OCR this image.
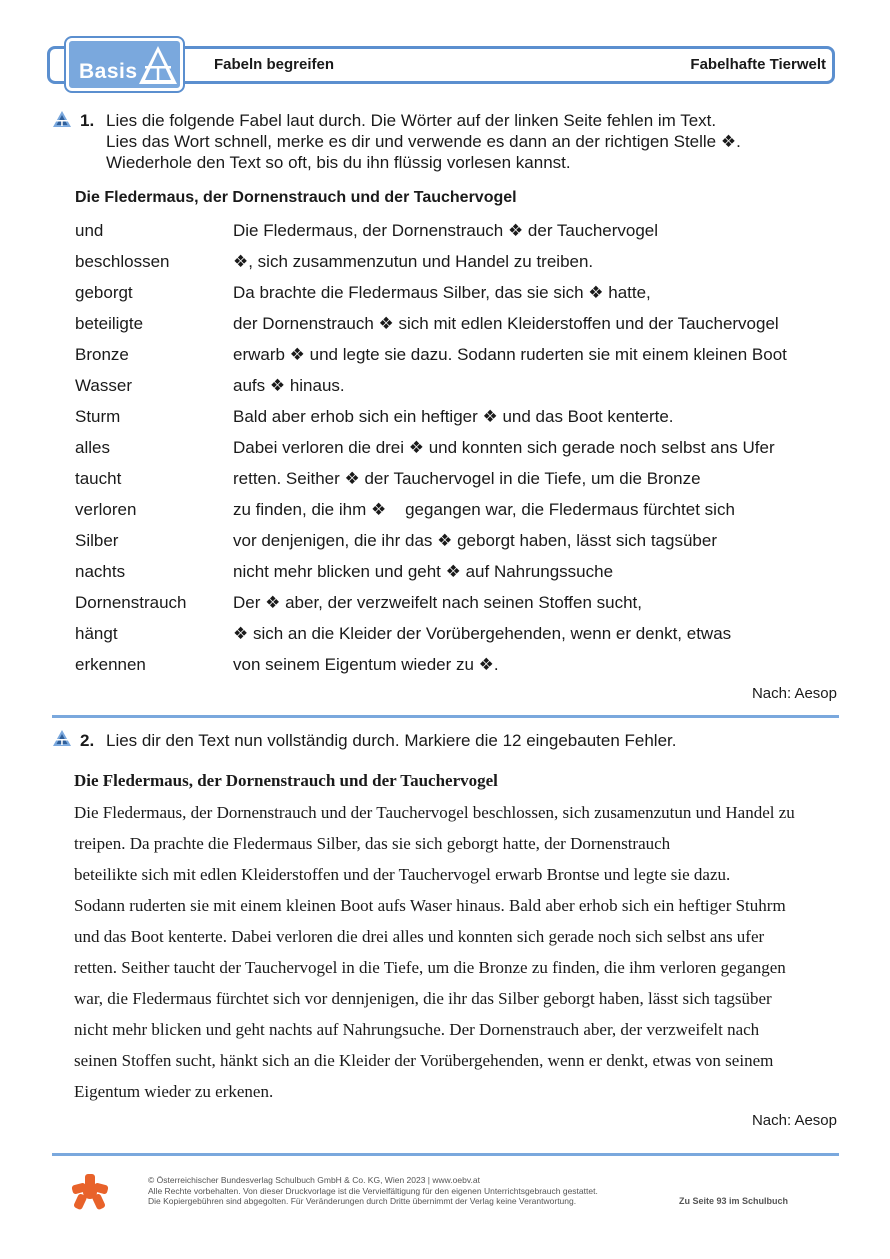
Basis	Fabeln begreifen	Fabelhafte Tierwelt
1. Lies die folgende Fabel laut durch. Die Wörter auf der linken Seite fehlen im Text.
Lies das Wort schnell, merke es dir und verwende es dann an der richtigen Stelle ❖.
Wiederhole den Text so oft, bis du ihn flüssig vorlesen kannst.
Die Fledermaus, der Dornenstrauch und der Tauchervogel
und	Die Fledermaus, der Dornenstrauch ❖ der Tauchervogel
beschlossen	❖, sich zusammenzutun und Handel zu treiben.
geborgt	Da brachte die Fledermaus Silber, das sie sich ❖ hatte,
beteiligte	der Dornenstrauch ❖ sich mit edlen Kleiderstoffen und der Tauchervogel
Bronze	erwarb ❖ und legte sie dazu. Sodann ruderten sie mit einem kleinen Boot
Wasser	aufs ❖ hinaus.
Sturm	Bald aber erhob sich ein heftiger ❖ und das Boot kenterte.
alles	Dabei verloren die drei ❖ und konnten sich gerade noch selbst ans Ufer
taucht	retten. Seither ❖ der Tauchervogel in die Tiefe, um die Bronze
verloren	zu finden, die ihm ❖    gegangen war, die Fledermaus fürchtet sich
Silber	vor denjenigen, die ihr das ❖ geborgt haben, lässt sich tagsüber
nachts	nicht mehr blicken und geht ❖ auf Nahrungssuche
Dornenstrauch	Der ❖ aber, der verzweifelt nach seinen Stoffen sucht,
hängt	❖ sich an die Kleider der Vorübergehenden, wenn er denkt, etwas
erkennen	von seinem Eigentum wieder zu ❖.
Nach: Aesop
2. Lies dir den Text nun vollständig durch. Markiere die 12 eingebauten Fehler.
Die Fledermaus, der Dornenstrauch und der Tauchervogel
Die Fledermaus, der Dornenstrauch und der Tauchervogel beschlossen, sich zusamenzutun und Handel zu
treipen. Da prachte die Fledermaus Silber, das sie sich geborgt hatte, der Dornenstrauch
beteilikte sich mit edlen Kleiderstoffen und der Tauchervogel erwarb Brontse und legte sie dazu.
Sodann ruderten sie mit einem kleinen Boot aufs Waser hinaus. Bald aber erhob sich ein heftiger Stuhrm
und das Boot kenterte. Dabei verloren die drei alles und konnten sich gerade noch sich selbst ans ufer
retten. Seither taucht der Tauchervogel in die Tiefe, um die Bronze zu finden, die ihm verloren gegangen
war, die Fledermaus fürchtet sich vor dennjenigen, die ihr das Silber geborgt haben, lässt sich tagsüber
nicht mehr blicken und geht nachts auf Nahrungsuche. Der Dornenstrauch aber, der verzweifelt nach
seinen Stoffen sucht, hänkt sich an die Kleider der Vorübergehenden, wenn er denkt, etwas von seinem
Eigentum wieder zu erkenen.
Nach: Aesop
© Österreichischer Bundesverlag Schulbuch GmbH & Co. KG, Wien 2023 | www.oebv.at
Alle Rechte vorbehalten. Von dieser Druckvorlage ist die Vervielfältigung für den eigenen Unterrichtsgebrauch gestattet.
Die Kopiergebühren sind abgegolten. Für Veränderungen durch Dritte übernimmt der Verlag keine Verantwortung.	Zu Seite 93 im Schulbuch
